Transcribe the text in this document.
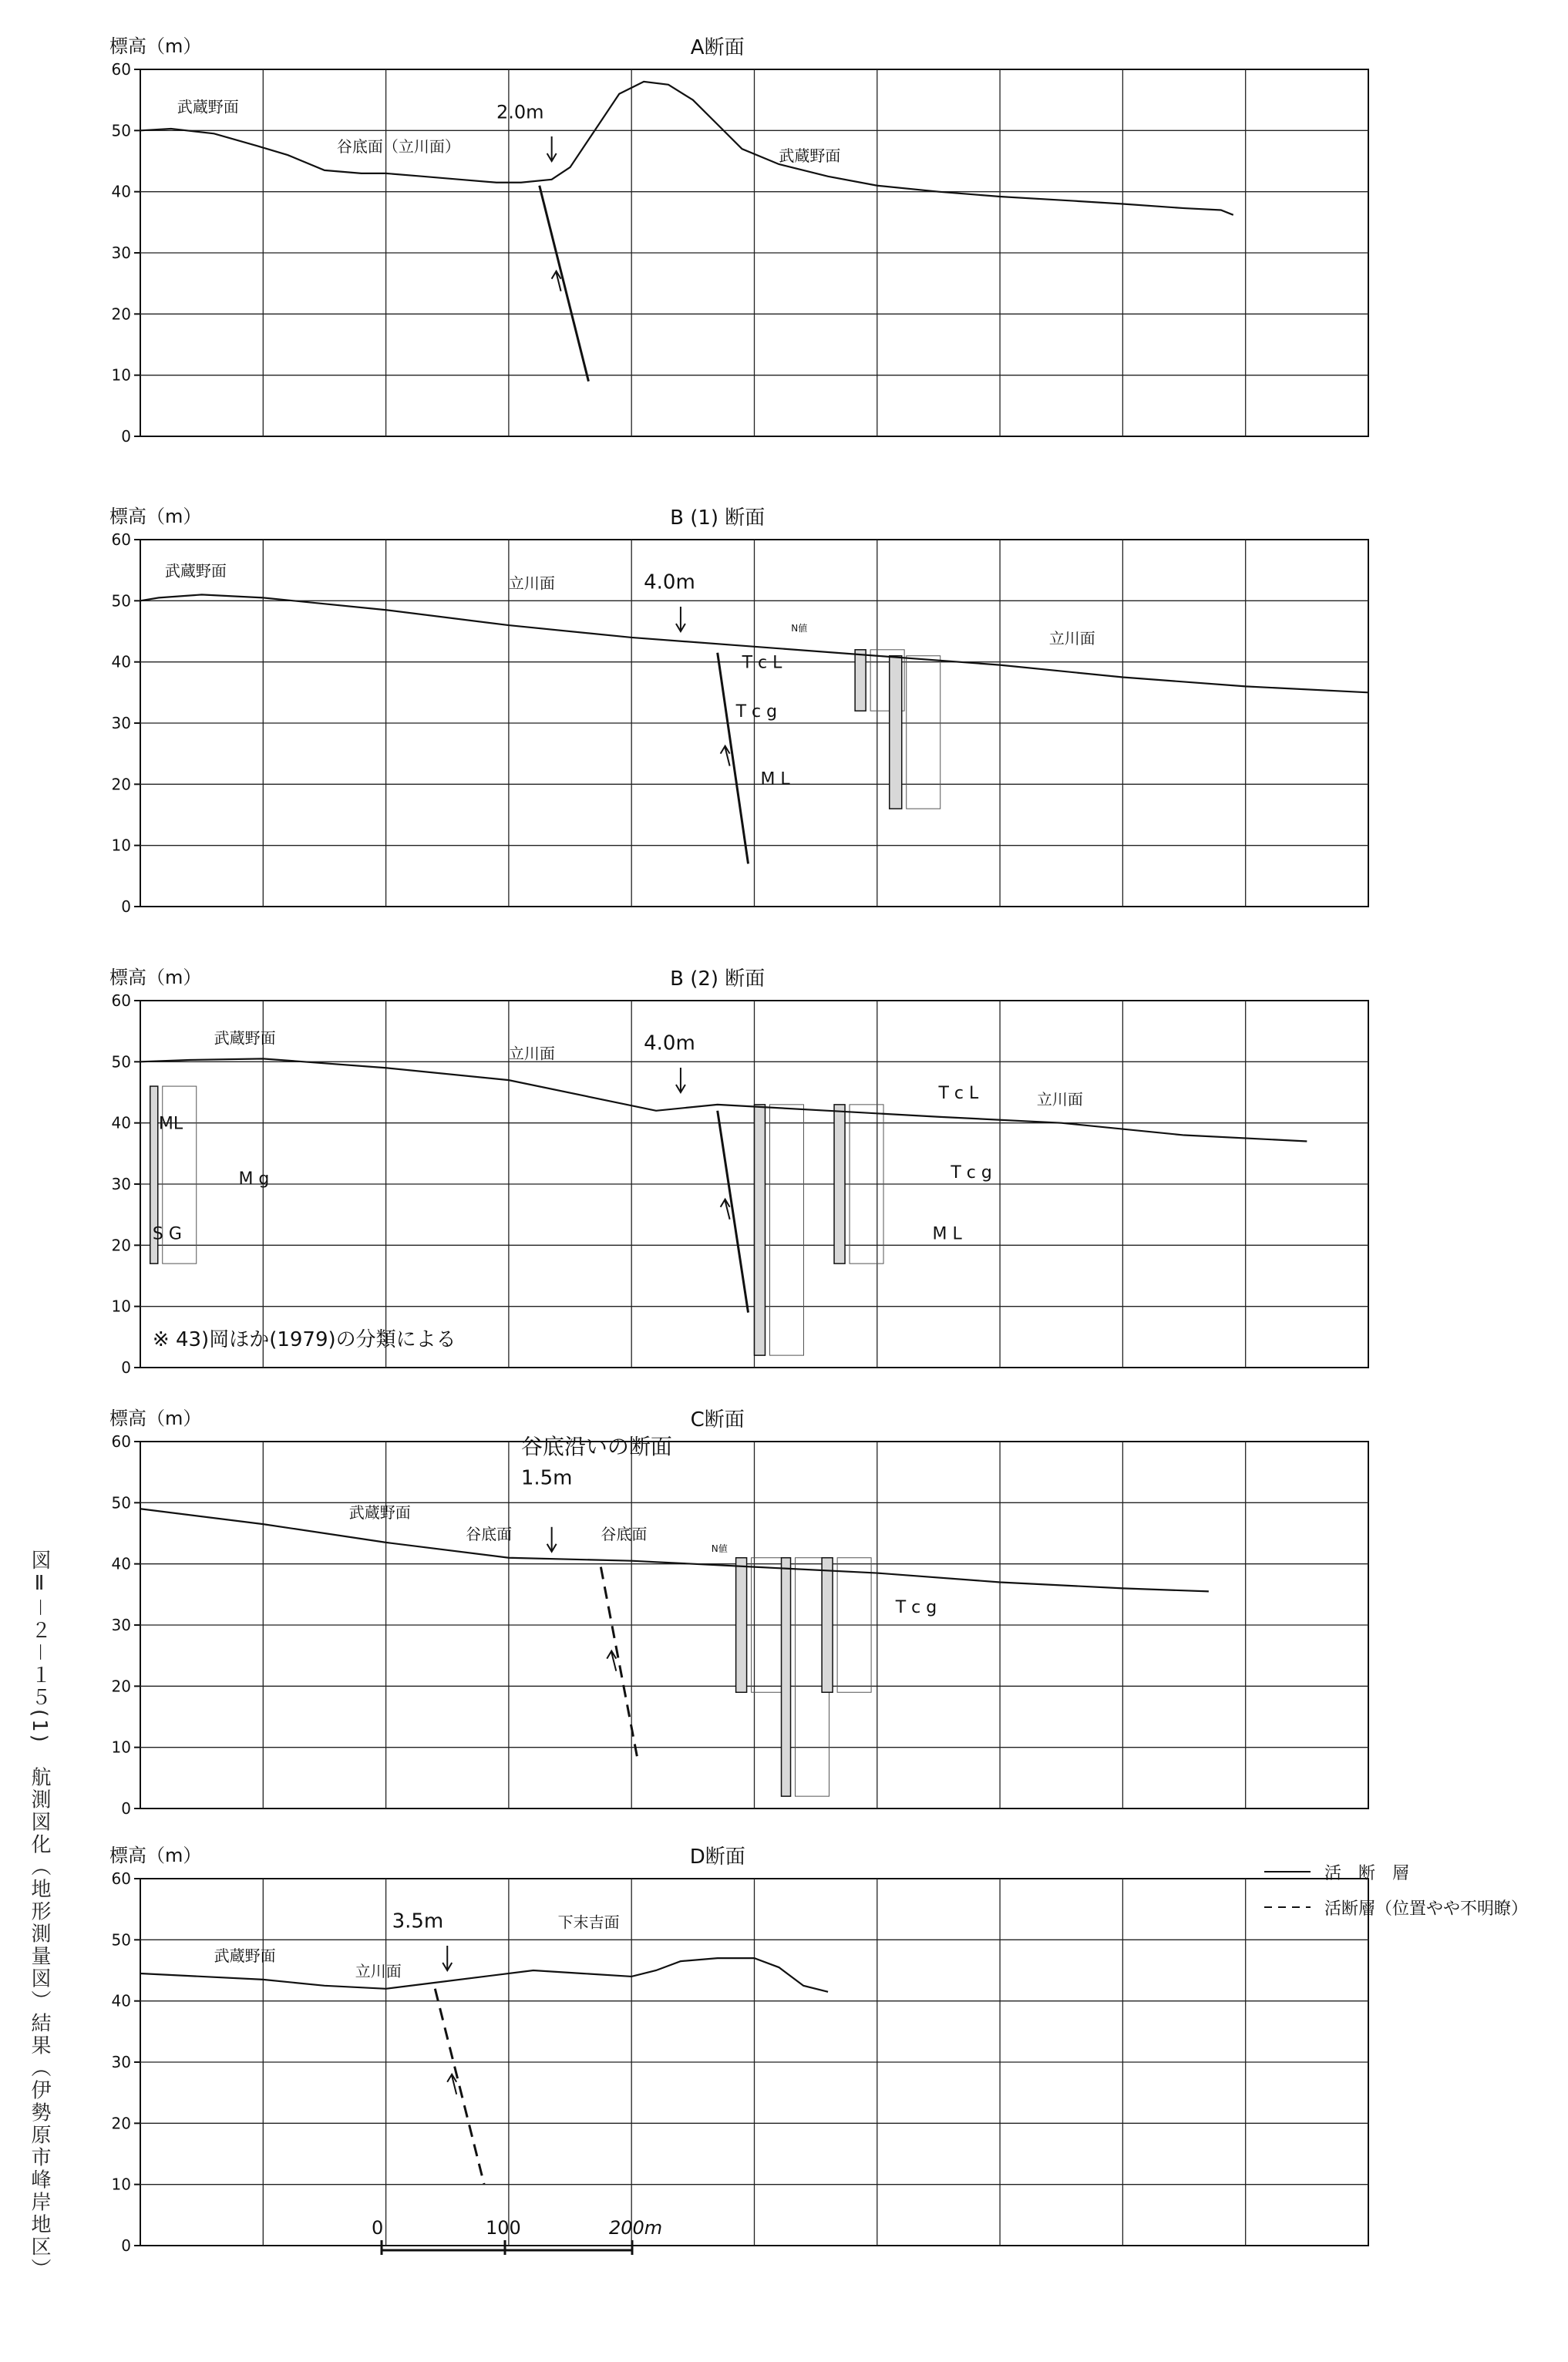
0
10
20
30
40
50
60
標高（m）	A断面
武蔵野面
谷底面（立川面）
2.0m
武蔵野面
0
10
20
30
40
50
60
標高（m）	B (1) 断面
武蔵野面
立川面	4.0m
立川面
T c L
T c g
M L
N値
0
10
20
30
40
50
60
標高（m）	B (2) 断面
武蔵野面
立川面	4.0m
立川面
T c L
T c g
M L
ML
M g
S G
※ 43)岡ほか(1979)の分類による
0
10
20
30
40
50
60
標高（m）	C断面
谷底沿いの断面
1.5m
武蔵野面
谷底面	谷底面
T c g
N値
0
10
20
30
40
50
60
標高（m）	D断面
武蔵野面
立川面
3.5m	下末吉面
0	100	200m
図Ⅱ－２－１５(1)　航測図化（地形測量図）結果（伊勢原市峰岸地区）	活　断　層
活断層（位置やや不明瞭）
